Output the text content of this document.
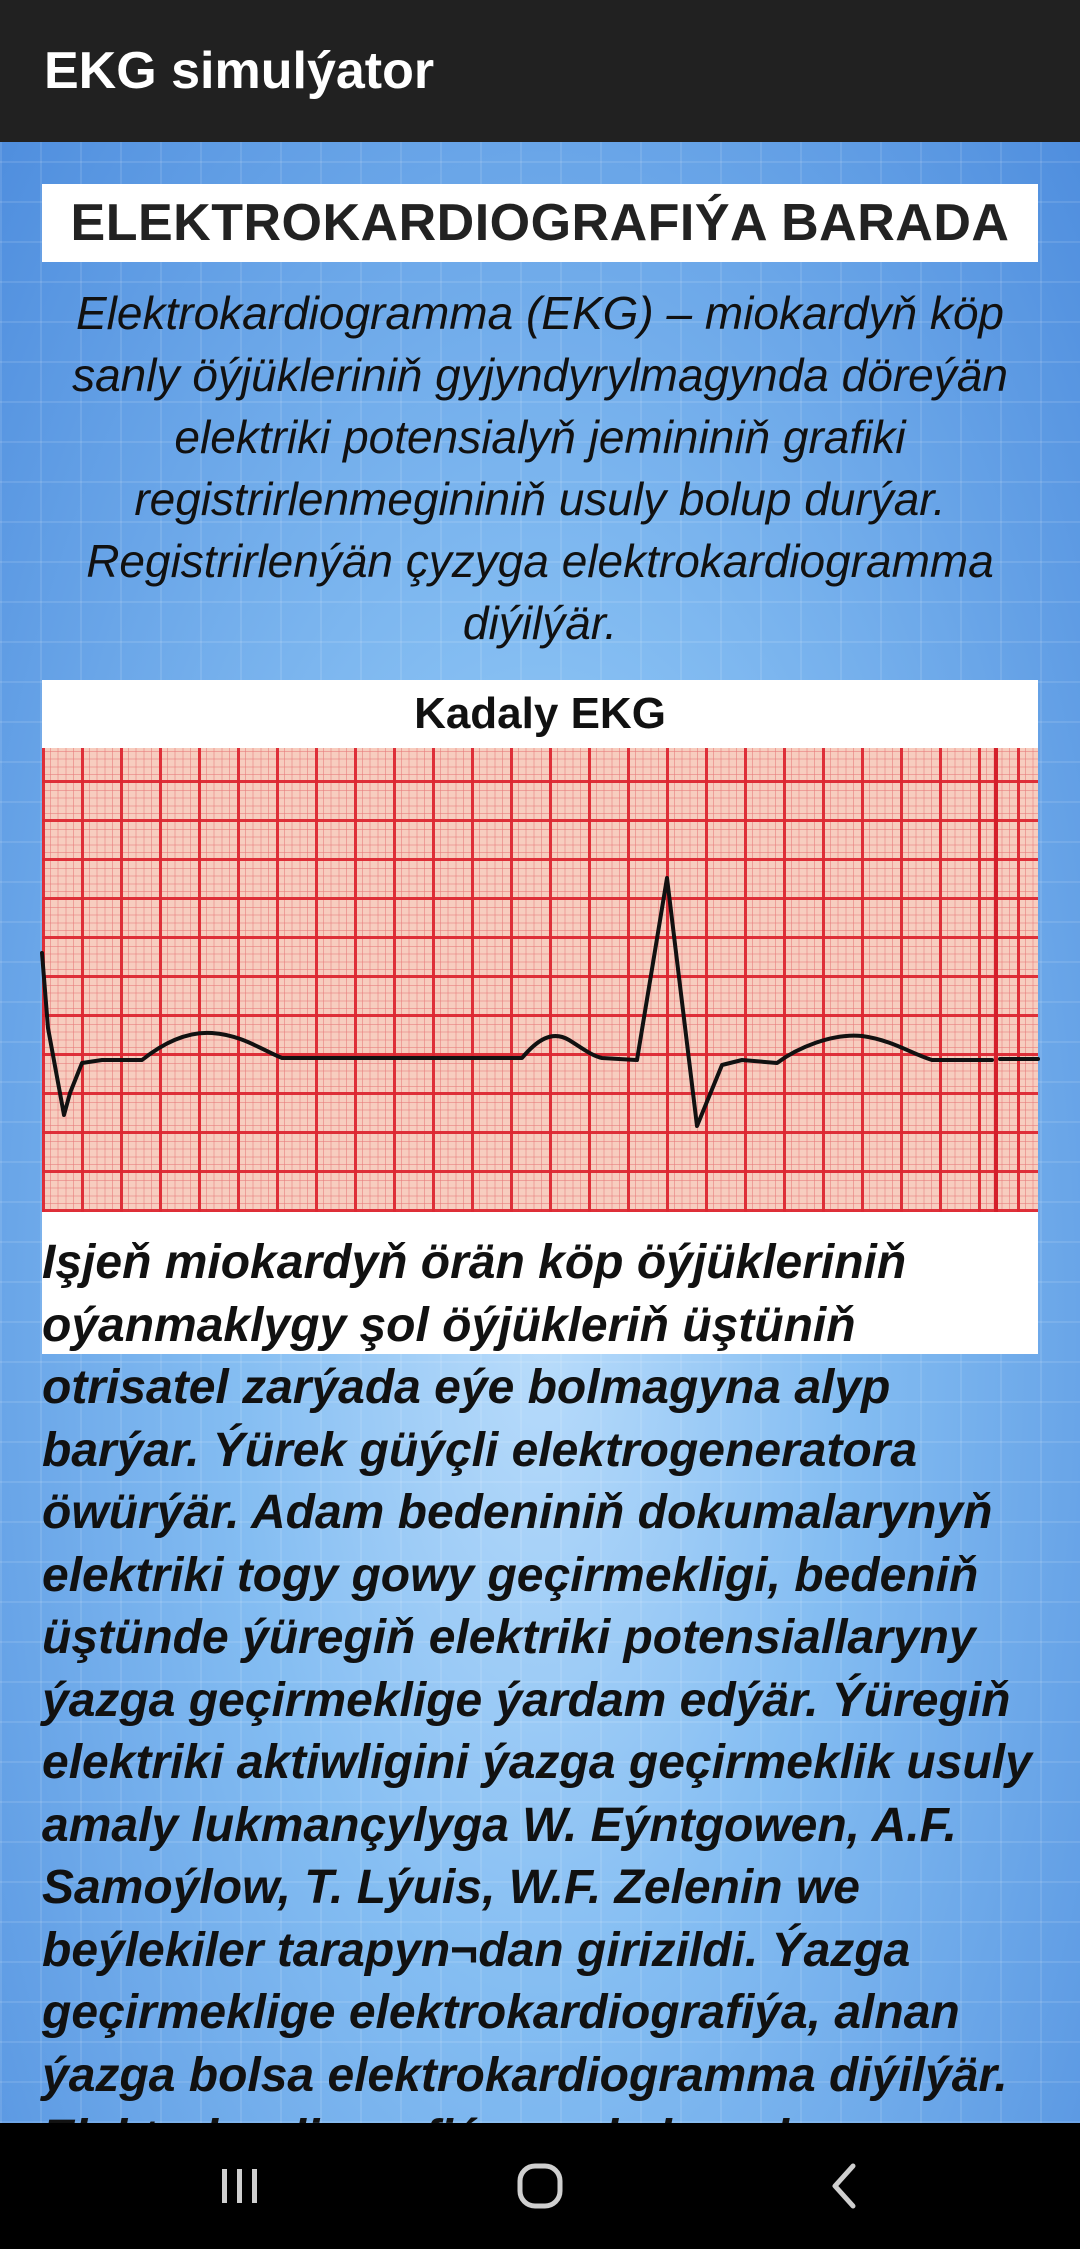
EKG simulýator
ELEKTROKARDIOGRAFIÝA BARADA

Elektrokardiogramma (EKG) – miokardyň köp sanly öýjükleriniň gyjyndyrylmagynda döreýän elektriki potensialyň jemininiň grafiki registrirlenmegininiň usuly bolup durýar. Registrirlenýän çyzyga elektrokardiogramma diýilýär.

Kadaly EKG

Işjeň miokardyň örän köp öýjükleriniň oýanmaklygy şol öýjükleriň üştüniň otrisatel zarýada eýe bolmagyna alyp barýar. Ýürek güýçli elektrogeneratora öwürýär. Adam bedeniniň dokumalarynyň elektriki togy gowy geçirmekligi, bedeniň üştünde ýüregiň elektriki potensiallaryny ýazga geçirmeklige ýardam edýär. Ýüregiň elektriki aktiwligini ýazga geçirmeklik usuly amaly lukmançylyga W. Eýntgowen, A.F. Samoýlow, T. Lýuis, W.F. Zelenin we beýlekiler tarapyn¬dan girizildi. Ýazga geçirmeklige elektrokardiografiýa, alnan ýazga bolsa elektrokardiogramma diýilýär.
